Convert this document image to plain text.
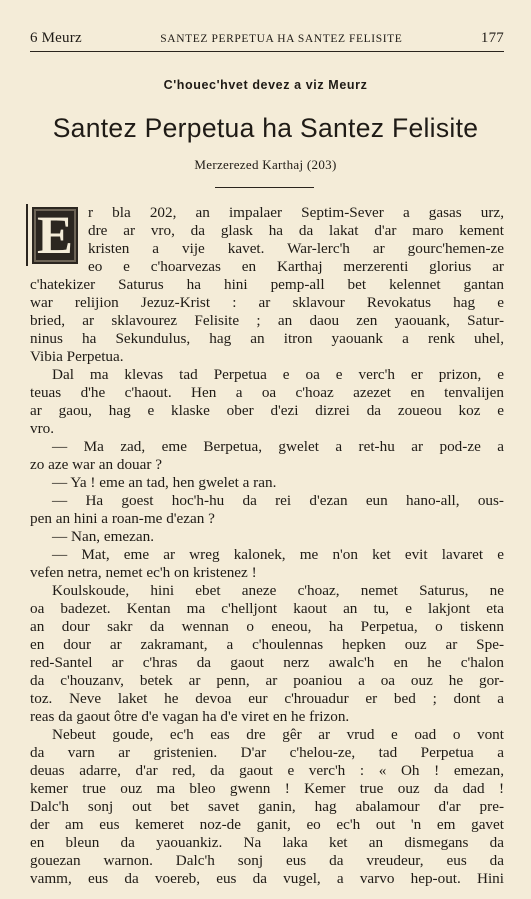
6 Meurz	SANTEZ PERPETUA HA SANTEZ FELISITE	177
C'houec'hvet devez a viz Meurz
Santez Perpetua ha Santez Felisite
Merzerezed Karthaj (203)
E r bla 202, an impalaer Septim-Sever a gasas urz,
dre ar vro, da glask ha da lakat d'ar maro kement
kristen a vije kavet. War-lerc'h ar gourc'hemen-ze
eo e c'hoarvezas en Karthaj merzerenti glorius ar
c'hatekizer Saturus ha hini pemp-all bet kelennet gantan
war relijion Jezuz-Krist : ar sklavour Revokatus hag e
bried, ar sklavourez Felisite ; an daou zen yaouank, Satur-
ninus ha Sekundulus, hag an itron yaouank a renk uhel,
Vibia Perpetua.
Dal ma klevas tad Perpetua e oa e verc'h er prizon, e
teuas d'he c'haout. Hen a oa c'hoaz azezet en tenvalijen
ar gaou, hag e klaske ober d'ezi dizrei da zoueou koz e
vro.
— Ma zad, eme Berpetua, gwelet a ret-hu ar pod-ze a
zo aze war an douar ?
— Ya ! eme an tad, hen gwelet a ran.
— Ha goest hoc'h-hu da rei d'ezan eun hano-all, ous-
pen an hini a roan-me d'ezan ?
— Nan, emezan.
— Mat, eme ar wreg kalonek, me n'on ket evit lavaret e
vefen netra, nemet ec'h on kristenez !
Koulskoude, hini ebet aneze c'hoaz, nemet Saturus, ne
oa badezet. Kentan ma c'helljont kaout an tu, e lakjont eta
an dour sakr da wennan o eneou, ha Perpetua, o tiskenn
en dour ar zakramant, a c'houlennas hepken ouz ar Spe-
red-Santel ar c'hras da gaout nerz awalc'h en he c'halon
da c'houzanv, betek ar penn, ar poaniou a oa ouz he gor-
toz. Neve laket he devoa eur c'hrouadur er bed ; dont a
reas da gaout ôtre d'e vagan ha d'e viret en he frizon.
Nebeut goude, ec'h eas dre gêr ar vrud e oad o vont
da varn ar gristenien. D'ar c'helou-ze, tad Perpetua a
deuas adarre, d'ar red, da gaout e verc'h : « Oh ! emezan,
kemer true ouz ma bleo gwenn ! Kemer true ouz da dad !
Dalc'h sonj out bet savet ganin, hag abalamour d'ar pre-
der am eus kemeret noz-de ganit, eo ec'h out 'n em gavet
en bleun da yaouankiz. Na laka ket an dismegans da
gouezan warnon. Dalc'h sonj eus da vreudeur, eus da
vamm, eus da voereb, eus da vugel, a varvo hep-out. Hini
